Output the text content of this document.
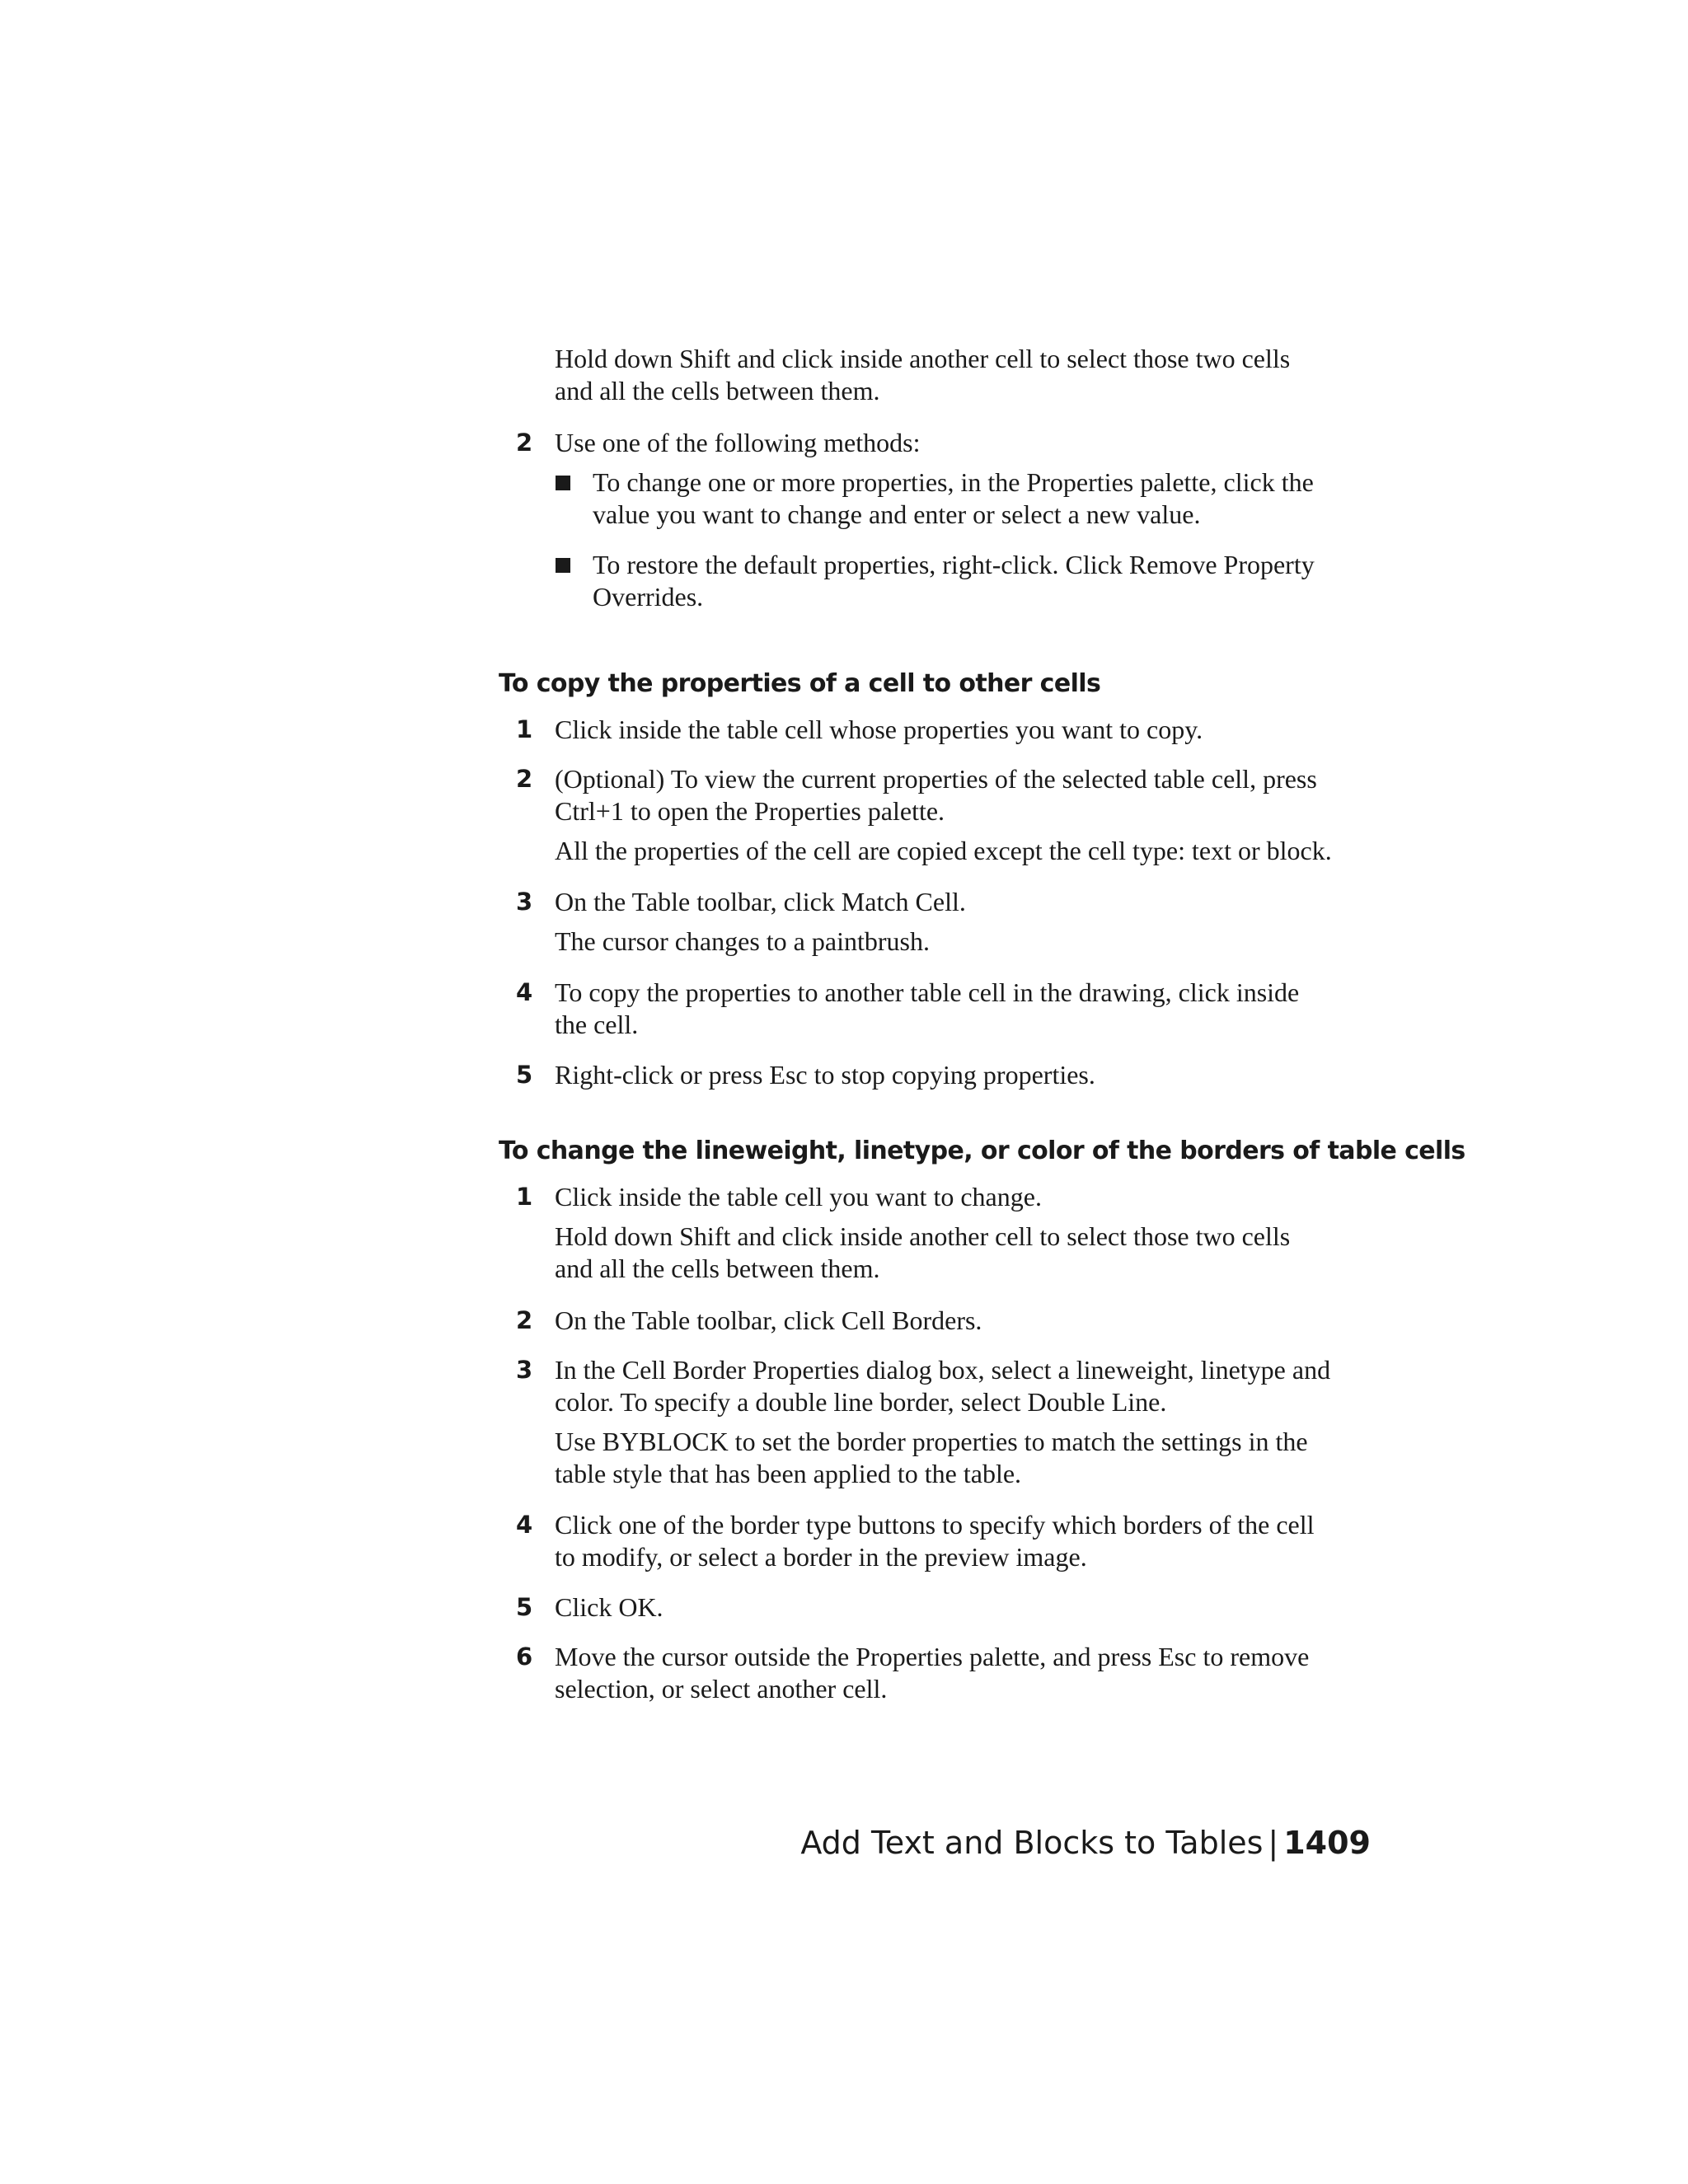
Hold down Shift and click inside another cell to select those two cells
and all the cells between them.
2 Use one of the following methods:
To change one or more properties, in the Properties palette, click the
value you want to change and enter or select a new value.
To restore the default properties, right-click. Click Remove Property
Overrides.
To copy the properties of a cell to other cells
1 Click inside the table cell whose properties you want to copy.
2 (Optional) To view the current properties of the selected table cell, press
Ctrl+1 to open the Properties palette.
All the properties of the cell are copied except the cell type: text or block.
3 On the Table toolbar, click Match Cell.
The cursor changes to a paintbrush.
4 To copy the properties to another table cell in the drawing, click inside
the cell.
5 Right-click or press Esc to stop copying properties.
To change the lineweight, linetype, or color of the borders of table cells
1 Click inside the table cell you want to change.
Hold down Shift and click inside another cell to select those two cells
and all the cells between them.
2 On the Table toolbar, click Cell Borders.
3 In the Cell Border Properties dialog box, select a lineweight, linetype and
color. To specify a double line border, select Double Line.
Use BYBLOCK to set the border properties to match the settings in the
table style that has been applied to the table.
4 Click one of the border type buttons to specify which borders of the cell
to modify, or select a border in the preview image.
5 Click OK.
6 Move the cursor outside the Properties palette, and press Esc to remove
selection, or select another cell.
Add Text and Blocks to Tables | 1409
